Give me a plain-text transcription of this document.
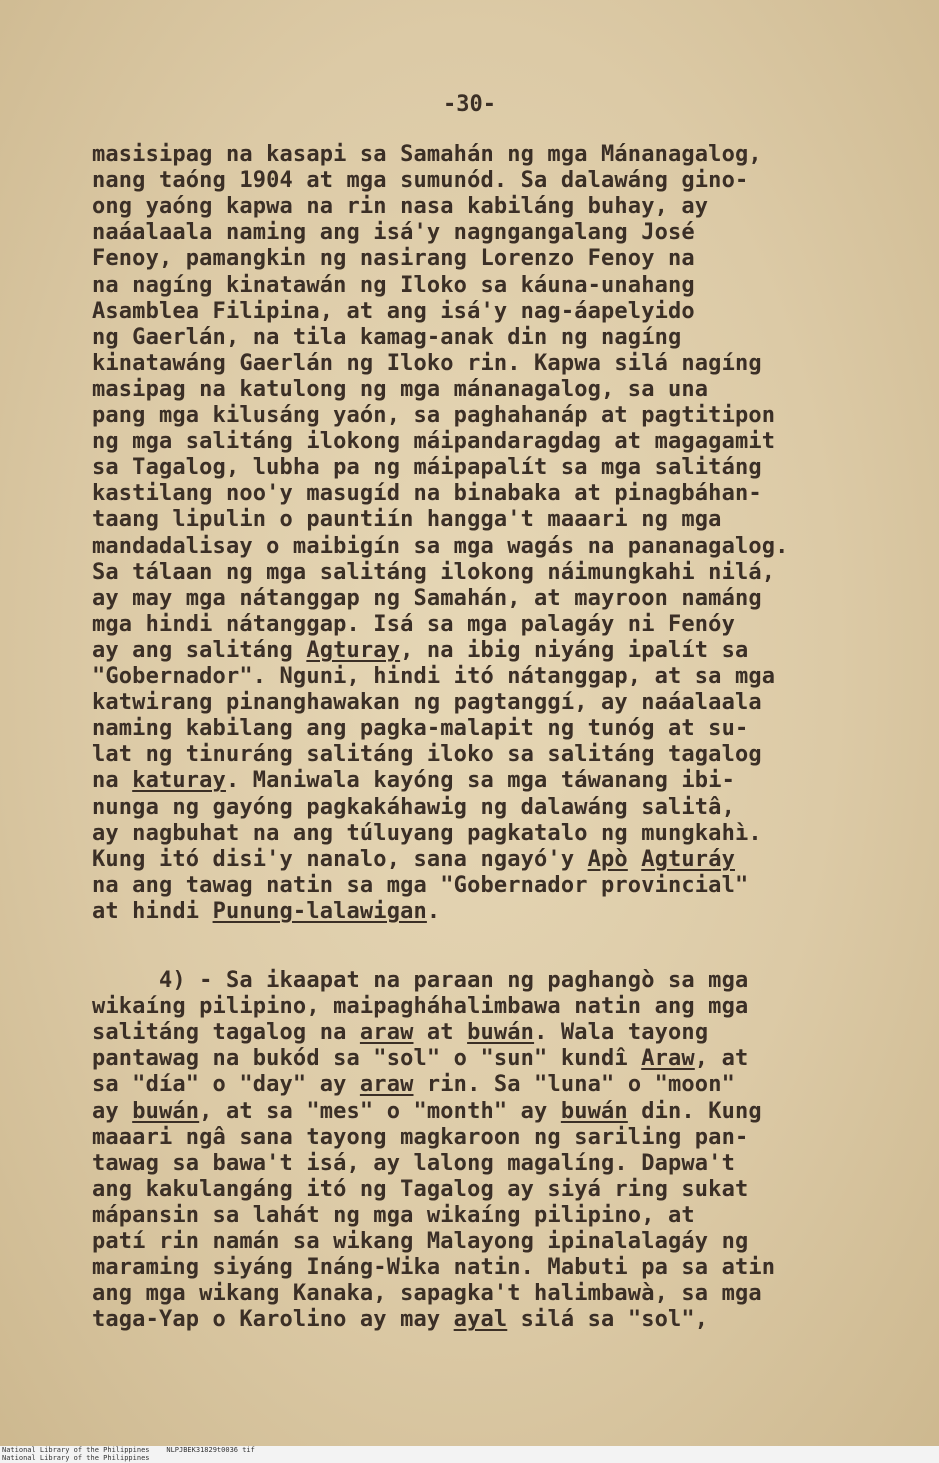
-30-
masisipag na kasapi sa Samahán ng mga Mánanagalog,
nang taóng 1904 at mga sumunód. Sa dalawáng gino-
ong yaóng kapwa na rin nasa kabiláng buhay, ay
naáalaala naming ang isá'y nagngangalang José
Fenoy, pamangkin ng nasirang Lorenzo Fenoy na
na nagíng kinatawán ng Iloko sa káuna-unahang
Asamblea Filipina, at ang isá'y nag-áapelyido
ng Gaerlán, na tila kamag-anak din ng nagíng
kinatawáng Gaerlán ng Iloko rin. Kapwa silá nagíng
masipag na katulong ng mga mánanagalog, sa una
pang mga kilusáng yaón, sa paghahanáp at pagtitipon
ng mga salitáng ilokong máipandaragdag at magagamit
sa Tagalog, lubha pa ng máipapalít sa mga salitáng
kastilang noo'y masugíd na binabaka at pinagbáhan-
taang lipulin o pauntiín hangga't maaari ng mga
mandadalisay o maibigín sa mga wagás na pananagalog.
Sa tálaan ng mga salitáng ilokong náimungkahi nilá,
ay may mga nátanggap ng Samahán, at mayroon namáng
mga hindi nátanggap. Isá sa mga palagáy ni Fenóy
ay ang salitáng Agturay, na ibig niyáng ipalít sa
"Gobernador". Nguni, hindi itó nátanggap, at sa mga
katwirang pinanghawakan ng pagtanggí, ay naáalaala
naming kabilang ang pagka-malapit ng tunóg at su-
lat ng tinuráng salitáng iloko sa salitáng tagalog
na katuray. Maniwala kayóng sa mga táwanang ibi-
nunga ng gayóng pagkakáhawig ng dalawáng salitâ,
ay nagbuhat na ang túluyang pagkatalo ng mungkahì.
Kung itó disi'y nanalo, sana ngayó'y Apò Agturáy
na ang tawag natin sa mga "Gobernador provincial"
at hindi Punung-lalawigan.
4) - Sa ikaapat na paraan ng paghangò sa mga
wikaíng pilipino, maipagháhalimbawa natin ang mga
salitáng tagalog na araw at buwán. Wala tayong
pantawag na bukód sa "sol" o "sun" kundî Araw, at
sa "día" o "day" ay araw rin. Sa "luna" o "moon"
ay buwán, at sa "mes" o "month" ay buwán din. Kung
maaari ngâ sana tayong magkaroon ng sariling pan-
tawag sa bawa't isá, ay lalong magalíng. Dapwa't
ang kakulangáng itó ng Tagalog ay siyá ring sukat
mápansin sa lahát ng mga wikaíng pilipino, at
patí rin namán sa wikang Malayong ipinalalagáy ng
maraming siyáng Ináng-Wika natin. Mabuti pa sa atin
ang mga wikang Kanaka, sapagka't halimbawà, sa mga
taga-Yap o Karolino ay may ayal silá sa "sol",
National Library of the Philippines    NLPJBEK31829t0036 tif
National Library of the Philippines
